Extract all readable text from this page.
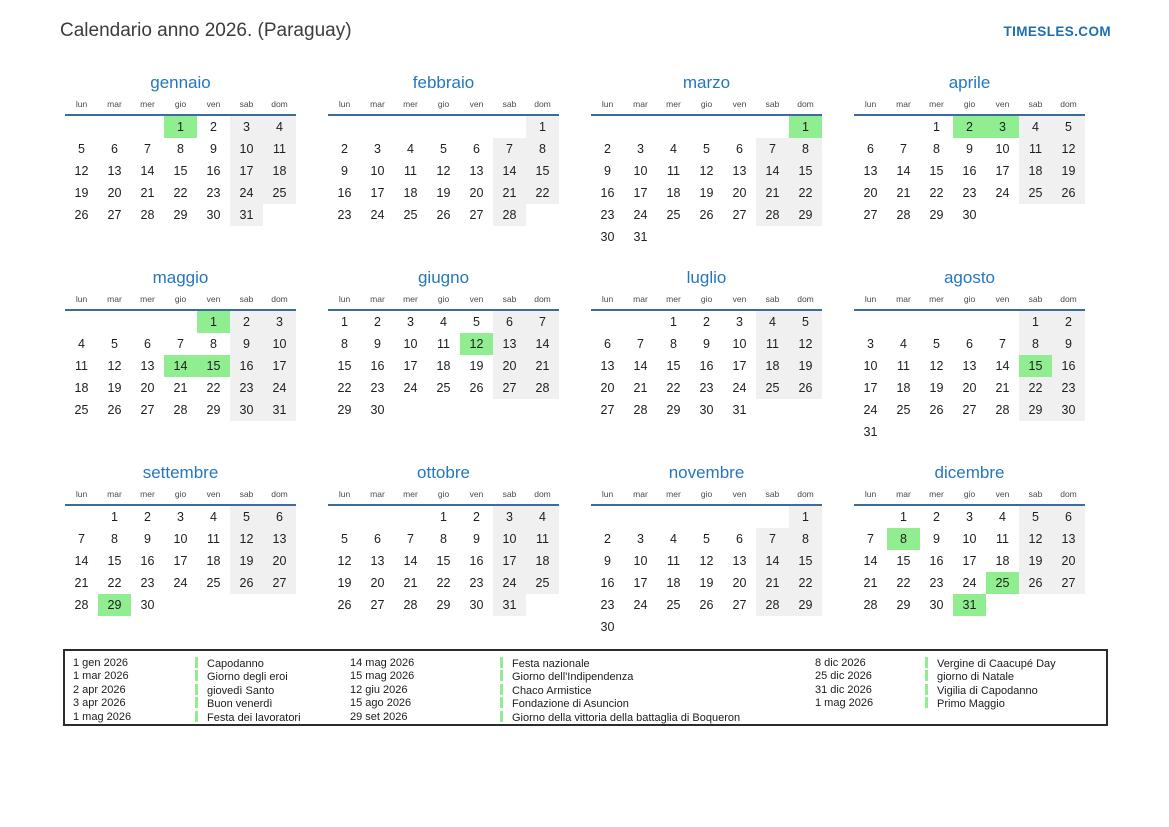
Calendario anno 2026. (Paraguay)	TIMESLES.COM
gennaio
lun	mar	mer	gio	ven	sab	dom
			1	2	3	4
5	6	7	8	9	10	11
12	13	14	15	16	17	18
19	20	21	22	23	24	25
26	27	28	29	30	31	
febbraio
lun	mar	mer	gio	ven	sab	dom
						1
2	3	4	5	6	7	8
9	10	11	12	13	14	15
16	17	18	19	20	21	22
23	24	25	26	27	28	
marzo
lun	mar	mer	gio	ven	sab	dom
						1
2	3	4	5	6	7	8
9	10	11	12	13	14	15
16	17	18	19	20	21	22
23	24	25	26	27	28	29
30	31					
aprile
lun	mar	mer	gio	ven	sab	dom
		1	2	3	4	5
6	7	8	9	10	11	12
13	14	15	16	17	18	19
20	21	22	23	24	25	26
27	28	29	30			
maggio
lun	mar	mer	gio	ven	sab	dom
				1	2	3
4	5	6	7	8	9	10
11	12	13	14	15	16	17
18	19	20	21	22	23	24
25	26	27	28	29	30	31
giugno
lun	mar	mer	gio	ven	sab	dom
1	2	3	4	5	6	7
8	9	10	11	12	13	14
15	16	17	18	19	20	21
22	23	24	25	26	27	28
29	30					
luglio
lun	mar	mer	gio	ven	sab	dom
		1	2	3	4	5
6	7	8	9	10	11	12
13	14	15	16	17	18	19
20	21	22	23	24	25	26
27	28	29	30	31		
agosto
lun	mar	mer	gio	ven	sab	dom
					1	2
3	4	5	6	7	8	9
10	11	12	13	14	15	16
17	18	19	20	21	22	23
24	25	26	27	28	29	30
31						
settembre
lun	mar	mer	gio	ven	sab	dom
	1	2	3	4	5	6
7	8	9	10	11	12	13
14	15	16	17	18	19	20
21	22	23	24	25	26	27
28	29	30				
ottobre
lun	mar	mer	gio	ven	sab	dom
			1	2	3	4
5	6	7	8	9	10	11
12	13	14	15	16	17	18
19	20	21	22	23	24	25
26	27	28	29	30	31	
novembre
lun	mar	mer	gio	ven	sab	dom
						1
2	3	4	5	6	7	8
9	10	11	12	13	14	15
16	17	18	19	20	21	22
23	24	25	26	27	28	29
30						
dicembre
lun	mar	mer	gio	ven	sab	dom
	1	2	3	4	5	6
7	8	9	10	11	12	13
14	15	16	17	18	19	20
21	22	23	24	25	26	27
28	29	30	31			
1 gen 2026	Capodanno
1 mar 2026	Giorno degli eroi
2 apr 2026	giovedì Santo
3 apr 2026	Buon venerdì
1 mag 2026	Festa dei lavoratori
14 mag 2026	Festa nazionale
15 mag 2026	Giorno dell'Indipendenza
12 giu 2026	Chaco Armistice
15 ago 2026	Fondazione di Asuncion
29 set 2026	Giorno della vittoria della battaglia di Boqueron
8 dic 2026	Vergine di Caacupé Day
25 dic 2026	giorno di Natale
31 dic 2026	Vigilia di Capodanno
1 mag 2026	Primo Maggio
